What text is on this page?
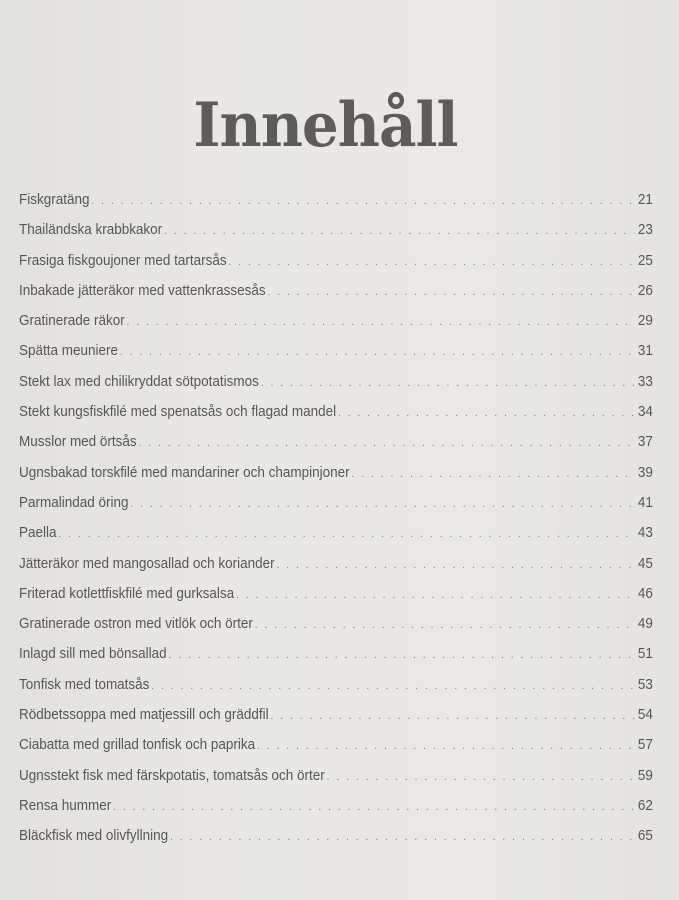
Innehåll
Fiskgratäng . . .	21
Thailändska krabbkakor . . .	23
Frasiga fiskgoujoner med tartarsås . . .	25
Inbakade jätteräkor med vattenkrassesås . . .	26
Gratinerade räkor . . .	29
Spätta meuniere . . .	31
Stekt lax med chilikryddat sötpotatismos . . .	33
Stekt kungsfiskfilé med spenatsås och flagad mandel . . .	34
Musslor med örtsås . . .	37
Ugnsbakad torskfilé med mandariner och champinjoner . . .	39
Parmalindad öring . . .	41
Paella . . .	43
Jätteräkor med mangosallad och koriander . . .	45
Friterad kotlettfiskfilé med gurksalsa . . .	46
Gratinerade ostron med vitlök och örter . . .	49
Inlagd sill med bönsallad . . .	51
Tonfisk med tomatsås . . .	53
Rödbetssoppa med matjessill och gräddfil . . .	54
Ciabatta med grillad tonfisk och paprika . . .	57
Ugnsstekt fisk med färskpotatis, tomatsås och örter . . .	59
Rensa hummer . . .	62
Bläckfisk med olivfyllning . . .	65
